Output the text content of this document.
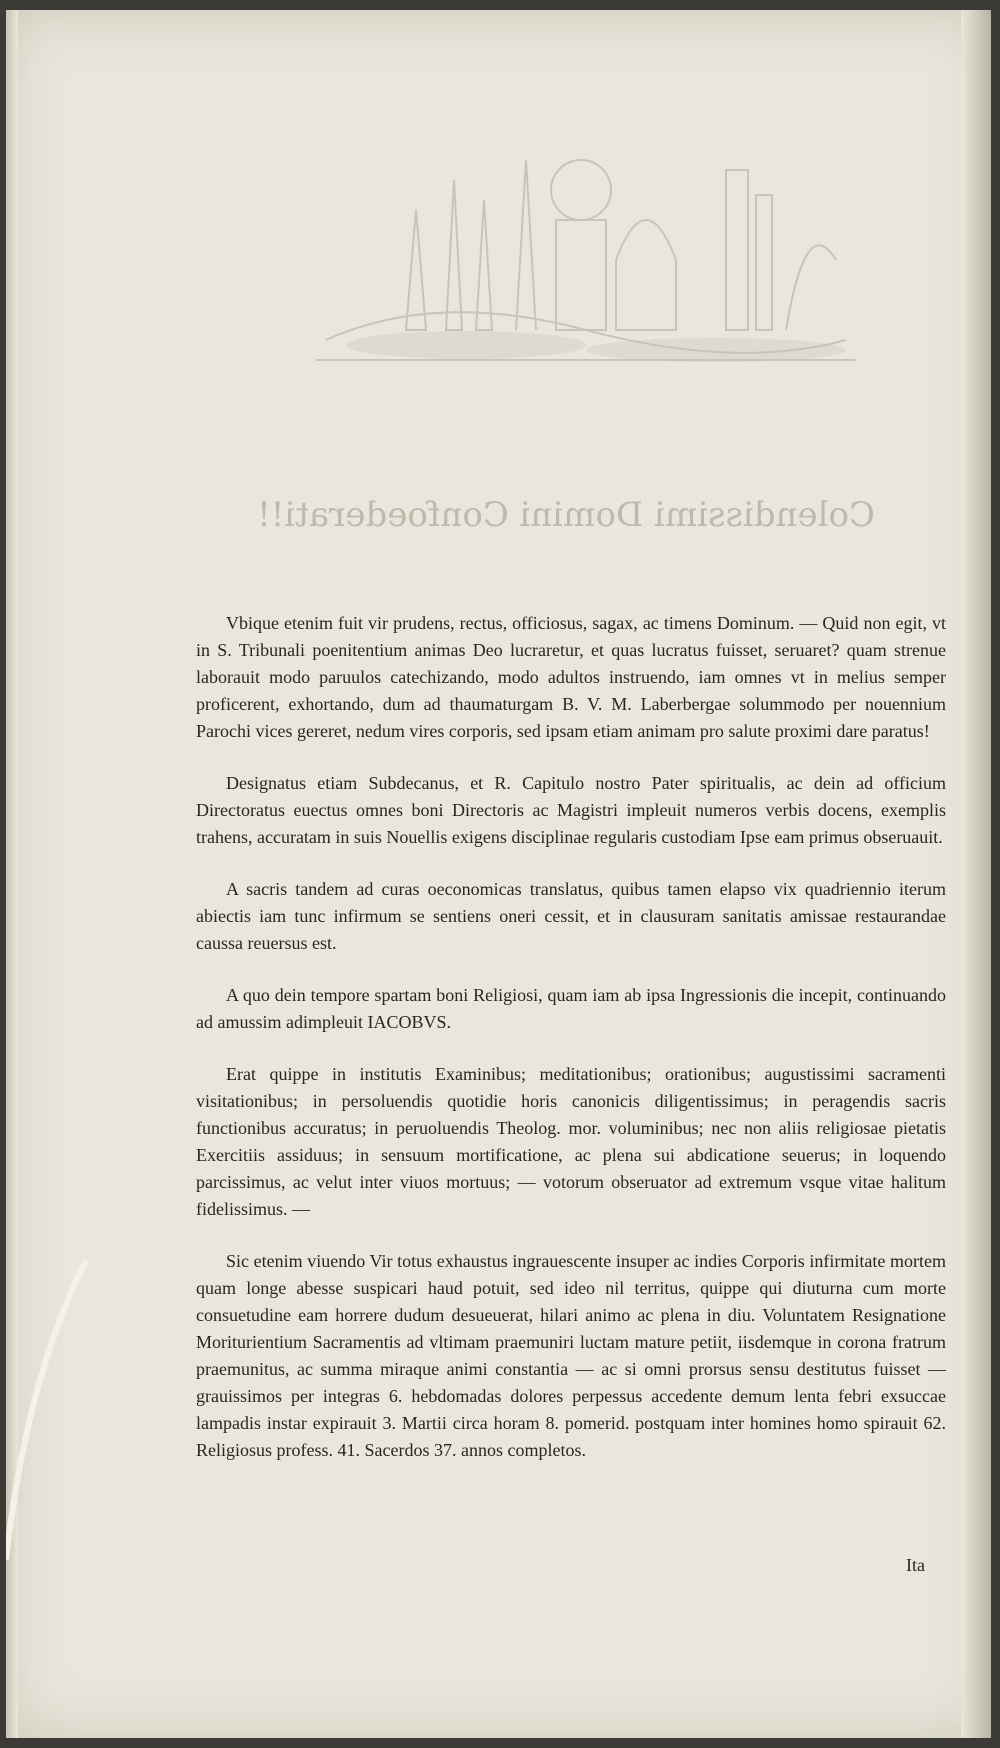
Colendissimi Domini Confoederati!!

Vbique etenim fuit vir prudens, rectus, officiosus, sagax, ac timens Dominum. — Quid non egit, vt in S. Tribunali poenitentium animas Deo lucraretur, et quas lucratus fuisset, seruaret? quam strenue laborauit modo paruulos catechizando, modo adultos instruendo, iam omnes vt in melius semper proficerent, exhortando, dum ad thaumaturgam B. V. M. Laberbergae solummodo per nouennium Parochi vices gereret, nedum vires corporis, sed ipsam etiam animam pro salute proximi dare paratus!

Designatus etiam Subdecanus, et R. Capitulo nostro Pater spiritualis, ac dein ad officium Directoratus euectus omnes boni Directoris ac Magistri impleuit numeros verbis docens, exemplis trahens, accuratam in suis Nouellis exigens disciplinae regularis custodiam Ipse eam primus obseruauit.

A sacris tandem ad curas oeconomicas translatus, quibus tamen elapso vix quadriennio iterum abiectis iam tunc infirmum se sentiens oneri cessit, et in clausuram sanitatis amissae restaurandae caussa reuersus est.

A quo dein tempore spartam boni Religiosi, quam iam ab ipsa Ingressionis die incepit, continuando ad amussim adimpleuit IACOBVS.

Erat quippe in institutis Examinibus; meditationibus; orationibus; augustissimi sacramenti visitationibus; in persoluendis quotidie horis canonicis diligentissimus; in peragendis sacris functionibus accuratus; in peruoluendis Theolog. mor. voluminibus; nec non aliis religiosae pietatis Exercitiis assiduus; in sensuum mortificatione, ac plena sui abdicatione seuerus; in loquendo parcissimus, ac velut inter viuos mortuus; — votorum obseruator ad extremum vsque vitae halitum fidelissimus. —

Sic etenim viuendo Vir totus exhaustus ingrauescente insuper ac indies Corporis infirmitate mortem quam longe abesse suspicari haud potuit, sed ideo nil territus, quippe qui diuturna cum morte consuetudine eam horrere dudum desueuerat, hilari animo ac plena in diu. Voluntatem Resignatione Moriturientium Sacramentis ad vltimam praemuniri luctam mature petiit, iisdemque in corona fratrum praemunitus, ac summa miraque animi constantia — ac si omni prorsus sensu destitutus fuisset — grauissimos per integras 6. hebdomadas dolores perpessus accedente demum lenta febri exsuccae lampadis instar expirauit 3. Martii circa horam 8. pomerid. postquam inter homines homo spirauit 62. Religiosus profess. 41. Sacerdos 37. annos completos.

Ita
